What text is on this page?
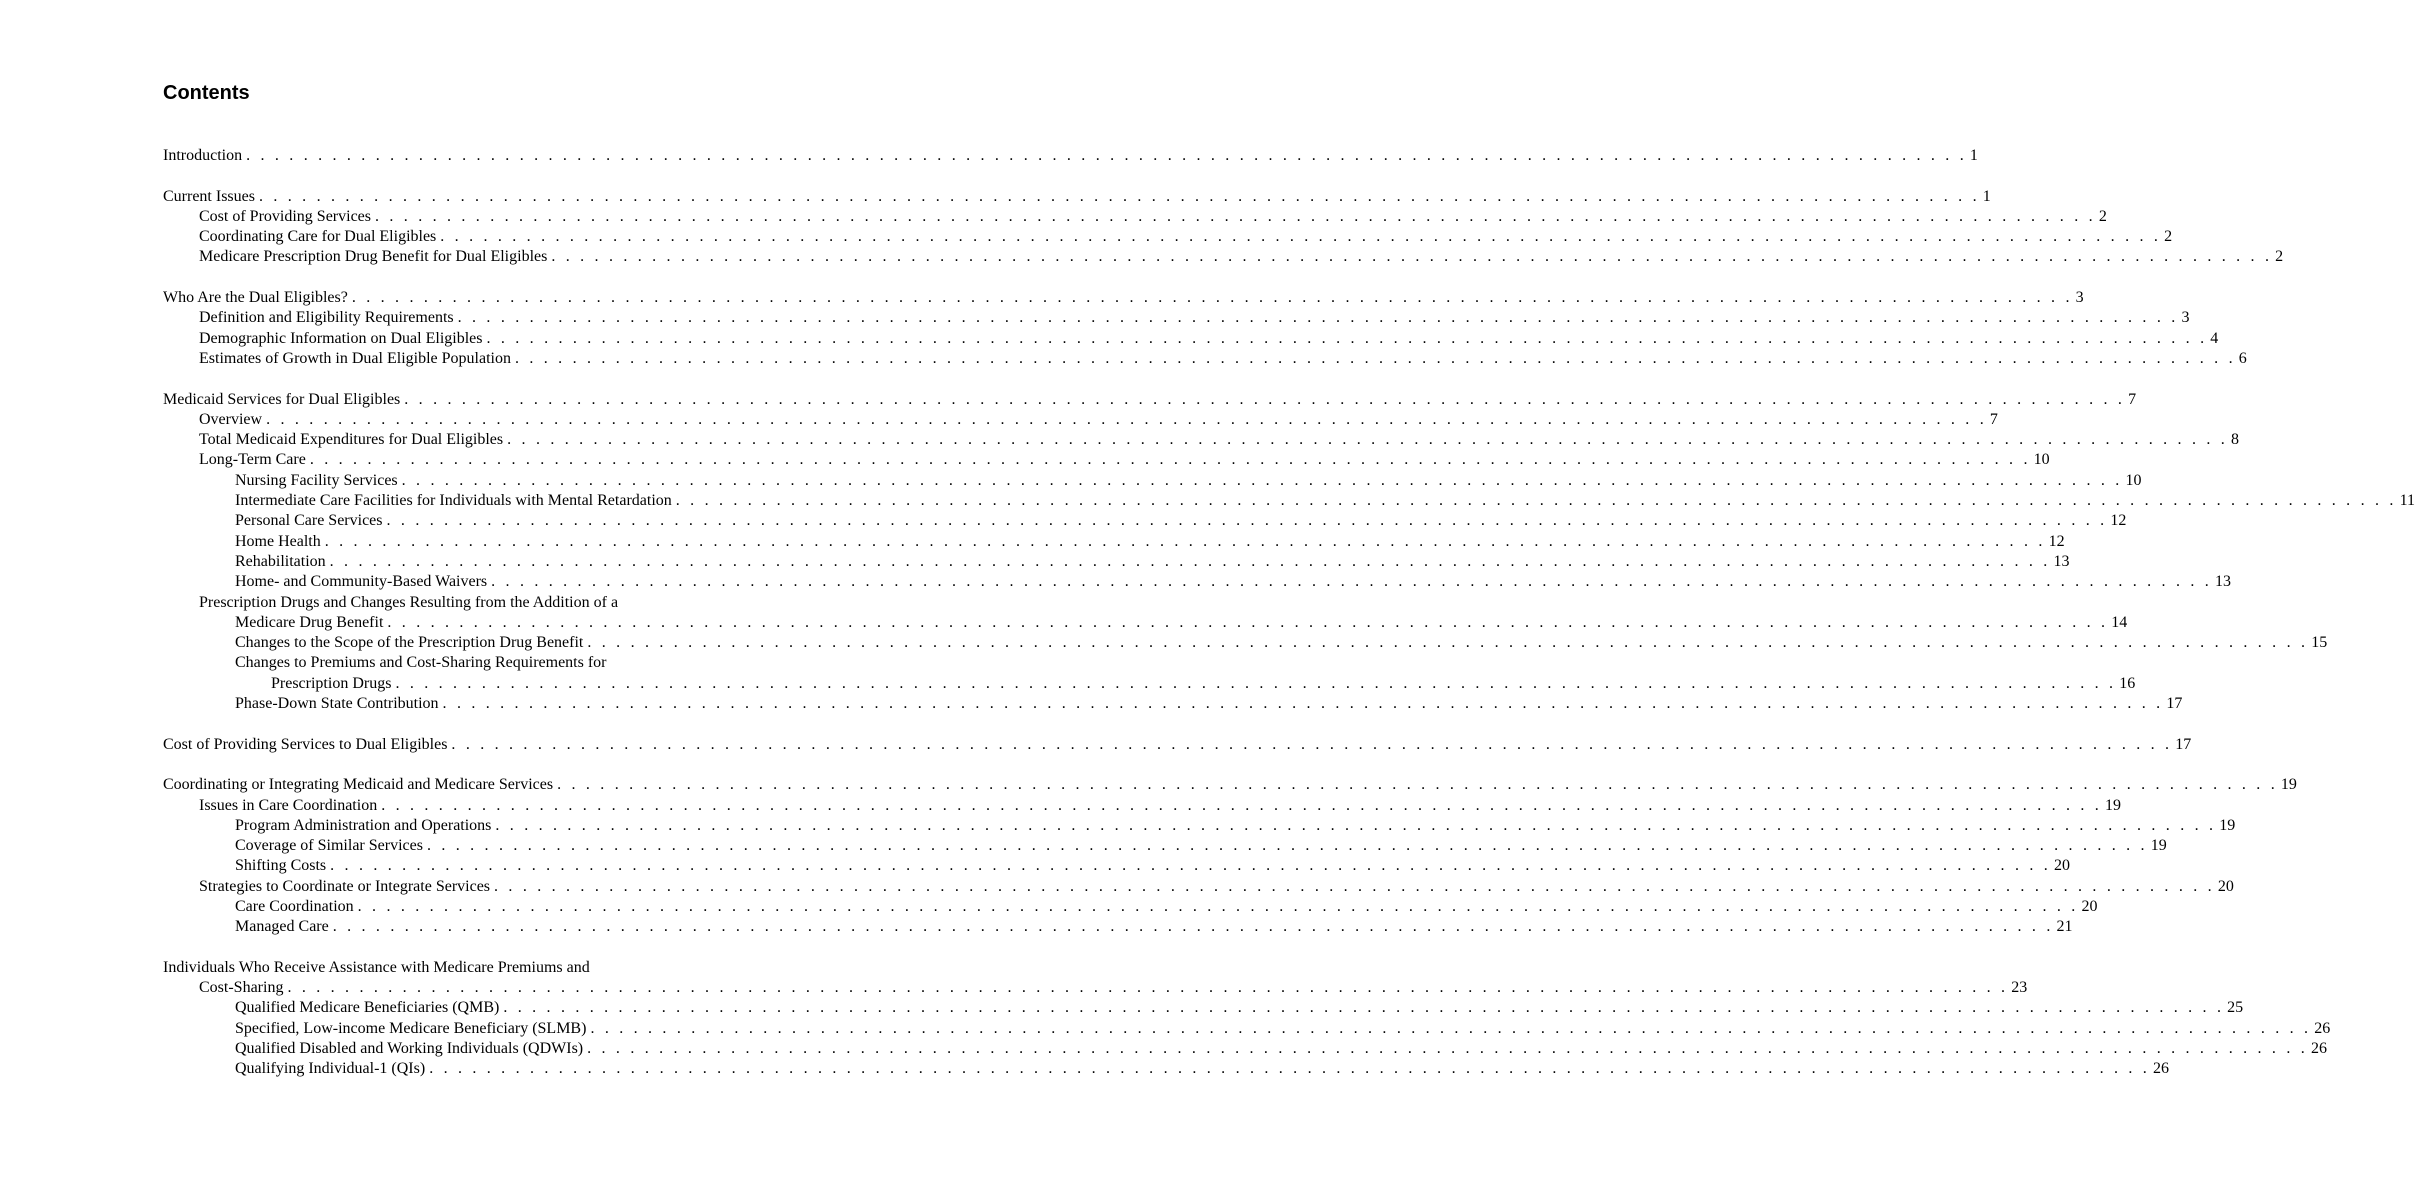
Contents
Introduction . . . . . . . . . . . . . . . . . . . . . . . . . . . . . . . . . . . . . . . . . . . . . . . . . . . . . . . . . . . . . . . . . . . . . . . . . . . . . . . . . . . . . . . . . . . . . . . . . . . . . . . . . . . . . . . . . . . . . . . . 1
Current Issues . . . . . . . . . . . . . . . . . . . . . . . . . . . . . . . . . . . . . . . . . . . . . . . . . . . . . . . . . . . . . . . . . . . . . . . . . . . . . . . . . . . . . . . . . . . . . . . . . . . . . . . . . . . . . . . . . . . . . . . . 1
Cost of Providing Services . . . . . . . . . . . . . . . . . . . . . . . . . . . . . . . . . . . . . . . . . . . . . . . . . . . . . . . . . . . . . . . . . . . . . . . . . . . . . . . . . . . . . . . . . . . . . . . . . . . . . . . . . . . . . . . . . . . . . . . . 2
Coordinating Care for Dual Eligibles . . . . . . . . . . . . . . . . . . . . . . . . . . . . . . . . . . . . . . . . . . . . . . . . . . . . . . . . . . . . . . . . . . . . . . . . . . . . . . . . . . . . . . . . . . . . . . . . . . . . . . . . . . . . . . . . . . . . . . . . 2
Medicare Prescription Drug Benefit for Dual Eligibles . . . . . . . . . . . . . . . . . . . . . . . . . . . . . . . . . . . . . . . . . . . . . . . . . . . . . . . . . . . . . . . . . . . . . . . . . . . . . . . . . . . . . . . . . . . . . . . . . . . . . . . . . . . . . . . . . . . . . . . . 2
Who Are the Dual Eligibles? . . . . . . . . . . . . . . . . . . . . . . . . . . . . . . . . . . . . . . . . . . . . . . . . . . . . . . . . . . . . . . . . . . . . . . . . . . . . . . . . . . . . . . . . . . . . . . . . . . . . . . . . . . . . . . . . . . . . . . . . 3
Definition and Eligibility Requirements . . . . . . . . . . . . . . . . . . . . . . . . . . . . . . . . . . . . . . . . . . . . . . . . . . . . . . . . . . . . . . . . . . . . . . . . . . . . . . . . . . . . . . . . . . . . . . . . . . . . . . . . . . . . . . . . . . . . . . . . 3
Demographic Information on Dual Eligibles . . . . . . . . . . . . . . . . . . . . . . . . . . . . . . . . . . . . . . . . . . . . . . . . . . . . . . . . . . . . . . . . . . . . . . . . . . . . . . . . . . . . . . . . . . . . . . . . . . . . . . . . . . . . . . . . . . . . . . . . 4
Estimates of Growth in Dual Eligible Population . . . . . . . . . . . . . . . . . . . . . . . . . . . . . . . . . . . . . . . . . . . . . . . . . . . . . . . . . . . . . . . . . . . . . . . . . . . . . . . . . . . . . . . . . . . . . . . . . . . . . . . . . . . . . . . . . . . . . . . . 6
Medicaid Services for Dual Eligibles . . . . . . . . . . . . . . . . . . . . . . . . . . . . . . . . . . . . . . . . . . . . . . . . . . . . . . . . . . . . . . . . . . . . . . . . . . . . . . . . . . . . . . . . . . . . . . . . . . . . . . . . . . . . . . . . . . . . . . . . 7
Overview . . . . . . . . . . . . . . . . . . . . . . . . . . . . . . . . . . . . . . . . . . . . . . . . . . . . . . . . . . . . . . . . . . . . . . . . . . . . . . . . . . . . . . . . . . . . . . . . . . . . . . . . . . . . . . . . . . . . . . . . 7
Total Medicaid Expenditures for Dual Eligibles . . . . . . . . . . . . . . . . . . . . . . . . . . . . . . . . . . . . . . . . . . . . . . . . . . . . . . . . . . . . . . . . . . . . . . . . . . . . . . . . . . . . . . . . . . . . . . . . . . . . . . . . . . . . . . . . . . . . . . . . 8
Long-Term Care . . . . . . . . . . . . . . . . . . . . . . . . . . . . . . . . . . . . . . . . . . . . . . . . . . . . . . . . . . . . . . . . . . . . . . . . . . . . . . . . . . . . . . . . . . . . . . . . . . . . . . . . . . . . . . . . . . . . . . . . 10
Nursing Facility Services . . . . . . . . . . . . . . . . . . . . . . . . . . . . . . . . . . . . . . . . . . . . . . . . . . . . . . . . . . . . . . . . . . . . . . . . . . . . . . . . . . . . . . . . . . . . . . . . . . . . . . . . . . . . . . . . . . . . . . . . 10
Intermediate Care Facilities for Individuals with Mental Retardation . . . . . . . . . . . . . . . . . . . . . . . . . . . . . . . . . . . . . . . . . . . . . . . . . . . . . . . . . . . . . . . . . . . . . . . . . . . . . . . . . . . . . . . . . . . . . . . . . . . . . . . . . . . . . . . . . . . . . . . . 11
Personal Care Services . . . . . . . . . . . . . . . . . . . . . . . . . . . . . . . . . . . . . . . . . . . . . . . . . . . . . . . . . . . . . . . . . . . . . . . . . . . . . . . . . . . . . . . . . . . . . . . . . . . . . . . . . . . . . . . . . . . . . . . . 12
Home Health . . . . . . . . . . . . . . . . . . . . . . . . . . . . . . . . . . . . . . . . . . . . . . . . . . . . . . . . . . . . . . . . . . . . . . . . . . . . . . . . . . . . . . . . . . . . . . . . . . . . . . . . . . . . . . . . . . . . . . . . 12
Rehabilitation . . . . . . . . . . . . . . . . . . . . . . . . . . . . . . . . . . . . . . . . . . . . . . . . . . . . . . . . . . . . . . . . . . . . . . . . . . . . . . . . . . . . . . . . . . . . . . . . . . . . . . . . . . . . . . . . . . . . . . . . 13
Home- and Community-Based Waivers . . . . . . . . . . . . . . . . . . . . . . . . . . . . . . . . . . . . . . . . . . . . . . . . . . . . . . . . . . . . . . . . . . . . . . . . . . . . . . . . . . . . . . . . . . . . . . . . . . . . . . . . . . . . . . . . . . . . . . . . 13
Prescription Drugs and Changes Resulting from the Addition of a
Medicare Drug Benefit . . . . . . . . . . . . . . . . . . . . . . . . . . . . . . . . . . . . . . . . . . . . . . . . . . . . . . . . . . . . . . . . . . . . . . . . . . . . . . . . . . . . . . . . . . . . . . . . . . . . . . . . . . . . . . . . . . . . . . . . 14
Changes to the Scope of the Prescription Drug Benefit . . . . . . . . . . . . . . . . . . . . . . . . . . . . . . . . . . . . . . . . . . . . . . . . . . . . . . . . . . . . . . . . . . . . . . . . . . . . . . . . . . . . . . . . . . . . . . . . . . . . . . . . . . . . . . . . . . . . . . . . 15
Changes to Premiums and Cost-Sharing Requirements for
Prescription Drugs . . . . . . . . . . . . . . . . . . . . . . . . . . . . . . . . . . . . . . . . . . . . . . . . . . . . . . . . . . . . . . . . . . . . . . . . . . . . . . . . . . . . . . . . . . . . . . . . . . . . . . . . . . . . . . . . . . . . . . . . 16
Phase-Down State Contribution . . . . . . . . . . . . . . . . . . . . . . . . . . . . . . . . . . . . . . . . . . . . . . . . . . . . . . . . . . . . . . . . . . . . . . . . . . . . . . . . . . . . . . . . . . . . . . . . . . . . . . . . . . . . . . . . . . . . . . . . 17
Cost of Providing Services to Dual Eligibles . . . . . . . . . . . . . . . . . . . . . . . . . . . . . . . . . . . . . . . . . . . . . . . . . . . . . . . . . . . . . . . . . . . . . . . . . . . . . . . . . . . . . . . . . . . . . . . . . . . . . . . . . . . . . . . . . . . . . . . . 17
Coordinating or Integrating Medicaid and Medicare Services . . . . . . . . . . . . . . . . . . . . . . . . . . . . . . . . . . . . . . . . . . . . . . . . . . . . . . . . . . . . . . . . . . . . . . . . . . . . . . . . . . . . . . . . . . . . . . . . . . . . . . . . . . . . . . . . . . . . . . . . 19
Issues in Care Coordination . . . . . . . . . . . . . . . . . . . . . . . . . . . . . . . . . . . . . . . . . . . . . . . . . . . . . . . . . . . . . . . . . . . . . . . . . . . . . . . . . . . . . . . . . . . . . . . . . . . . . . . . . . . . . . . . . . . . . . . . 19
Program Administration and Operations . . . . . . . . . . . . . . . . . . . . . . . . . . . . . . . . . . . . . . . . . . . . . . . . . . . . . . . . . . . . . . . . . . . . . . . . . . . . . . . . . . . . . . . . . . . . . . . . . . . . . . . . . . . . . . . . . . . . . . . . 19
Coverage of Similar Services . . . . . . . . . . . . . . . . . . . . . . . . . . . . . . . . . . . . . . . . . . . . . . . . . . . . . . . . . . . . . . . . . . . . . . . . . . . . . . . . . . . . . . . . . . . . . . . . . . . . . . . . . . . . . . . . . . . . . . . . 19
Shifting Costs . . . . . . . . . . . . . . . . . . . . . . . . . . . . . . . . . . . . . . . . . . . . . . . . . . . . . . . . . . . . . . . . . . . . . . . . . . . . . . . . . . . . . . . . . . . . . . . . . . . . . . . . . . . . . . . . . . . . . . . . 20
Strategies to Coordinate or Integrate Services . . . . . . . . . . . . . . . . . . . . . . . . . . . . . . . . . . . . . . . . . . . . . . . . . . . . . . . . . . . . . . . . . . . . . . . . . . . . . . . . . . . . . . . . . . . . . . . . . . . . . . . . . . . . . . . . . . . . . . . . 20
Care Coordination . . . . . . . . . . . . . . . . . . . . . . . . . . . . . . . . . . . . . . . . . . . . . . . . . . . . . . . . . . . . . . . . . . . . . . . . . . . . . . . . . . . . . . . . . . . . . . . . . . . . . . . . . . . . . . . . . . . . . . . . 20
Managed Care . . . . . . . . . . . . . . . . . . . . . . . . . . . . . . . . . . . . . . . . . . . . . . . . . . . . . . . . . . . . . . . . . . . . . . . . . . . . . . . . . . . . . . . . . . . . . . . . . . . . . . . . . . . . . . . . . . . . . . . . 21
Individuals Who Receive Assistance with Medicare Premiums and
Cost-Sharing . . . . . . . . . . . . . . . . . . . . . . . . . . . . . . . . . . . . . . . . . . . . . . . . . . . . . . . . . . . . . . . . . . . . . . . . . . . . . . . . . . . . . . . . . . . . . . . . . . . . . . . . . . . . . . . . . . . . . . . . 23
Qualified Medicare Beneficiaries (QMB) . . . . . . . . . . . . . . . . . . . . . . . . . . . . . . . . . . . . . . . . . . . . . . . . . . . . . . . . . . . . . . . . . . . . . . . . . . . . . . . . . . . . . . . . . . . . . . . . . . . . . . . . . . . . . . . . . . . . . . . . 25
Specified, Low-income Medicare Beneficiary (SLMB) . . . . . . . . . . . . . . . . . . . . . . . . . . . . . . . . . . . . . . . . . . . . . . . . . . . . . . . . . . . . . . . . . . . . . . . . . . . . . . . . . . . . . . . . . . . . . . . . . . . . . . . . . . . . . . . . . . . . . . . . 26
Qualified Disabled and Working Individuals (QDWIs) . . . . . . . . . . . . . . . . . . . . . . . . . . . . . . . . . . . . . . . . . . . . . . . . . . . . . . . . . . . . . . . . . . . . . . . . . . . . . . . . . . . . . . . . . . . . . . . . . . . . . . . . . . . . . . . . . . . . . . . . 26
Qualifying Individual-1 (QIs) . . . . . . . . . . . . . . . . . . . . . . . . . . . . . . . . . . . . . . . . . . . . . . . . . . . . . . . . . . . . . . . . . . . . . . . . . . . . . . . . . . . . . . . . . . . . . . . . . . . . . . . . . . . . . . . . . . . . . . . . 26
